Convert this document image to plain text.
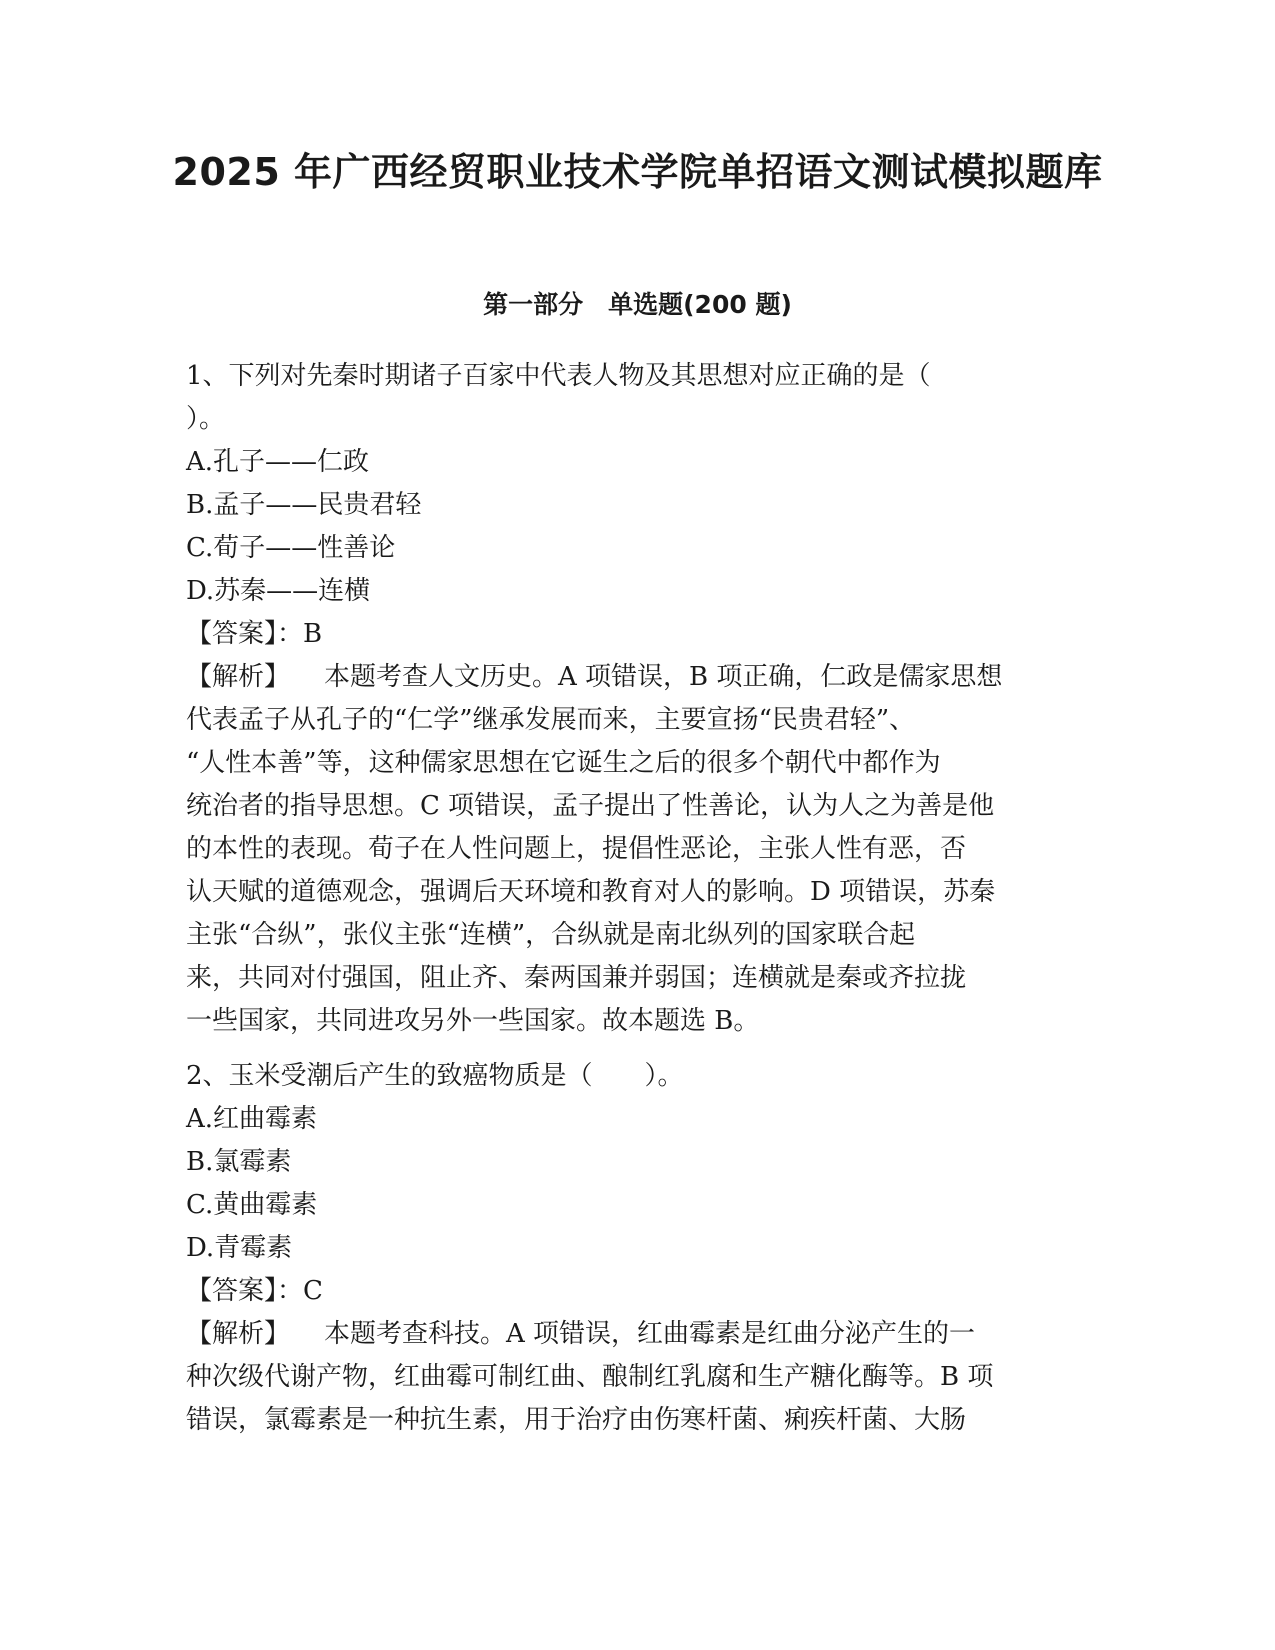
2025 年广西经贸职业技术学院单招语文测试模拟题库
第一部分　单选题(200 题)
1、下列对先秦时期诸子百家中代表人物及其思想对应正确的是（
）。
A.孔子——仁政
B.孟子——民贵君轻
C.荀子——性善论
D.苏秦——连横
【答案】：B
【解析】 本题考查人文历史。A 项错误，B 项正确，仁政是儒家思想
代表孟子从孔子的“仁学”继承发展而来，主要宣扬“民贵君轻”、
“人性本善”等，这种儒家思想在它诞生之后的很多个朝代中都作为
统治者的指导思想。C 项错误，孟子提出了性善论，认为人之为善是他
的本性的表现。荀子在人性问题上，提倡性恶论，主张人性有恶，否
认天赋的道德观念，强调后天环境和教育对人的影响。D 项错误，苏秦
主张“合纵”，张仪主张“连横”，合纵就是南北纵列的国家联合起
来，共同对付强国，阻止齐、秦两国兼并弱国；连横就是秦或齐拉拢
一些国家，共同进攻另外一些国家。故本题选 B。
2、玉米受潮后产生的致癌物质是（　　）。
A.红曲霉素
B.氯霉素
C.黄曲霉素
D.青霉素
【答案】：C
【解析】 本题考查科技。A 项错误，红曲霉素是红曲分泌产生的一
种次级代谢产物，红曲霉可制红曲、酿制红乳腐和生产糖化酶等。B 项
错误，氯霉素是一种抗生素，用于治疗由伤寒杆菌、痢疾杆菌、大肠
